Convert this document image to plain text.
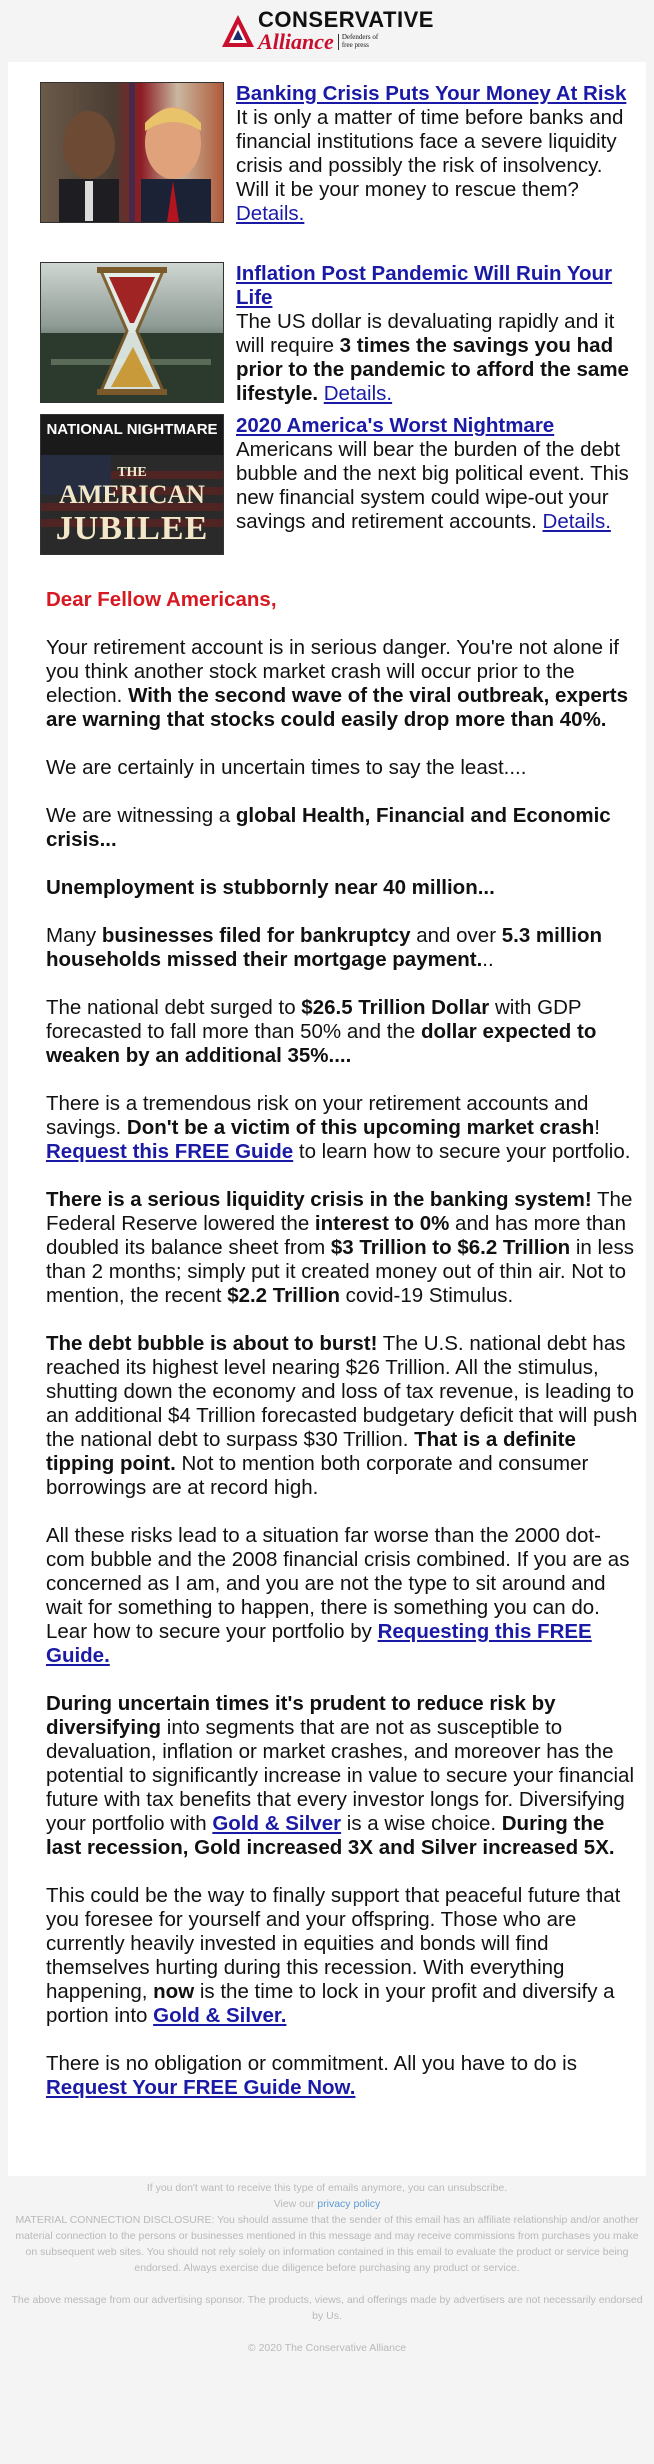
CONSERVATIVE
Alliance	Defenders of free press
Banking Crisis Puts Your Money At Risk
It is only a matter of time before banks and financial institutions face a severe liquidity crisis and possibly the risk of insolvency. Will it be your money to rescue them? Details.
Inflation Post Pandemic Will Ruin Your Life
The US dollar is devaluating rapidly and it will require 3 times the savings you had prior to the pandemic to afford the same lifestyle. Details.
NATIONAL NIGHTMARE
THE
AMERICAN
JUBILEE
2020 America's Worst Nightmare
Americans will bear the burden of the debt bubble and the next big political event. This new financial system could wipe-out your savings and retirement accounts. Details.

Dear Fellow Americans,

Your retirement account is in serious danger. You're not alone if you think another stock market crash will occur prior to the election. With the second wave of the viral outbreak, experts are warning that stocks could easily drop more than 40%.

We are certainly in uncertain times to say the least....

We are witnessing a global Health, Financial and Economic crisis...

Unemployment is stubbornly near 40 million...

Many businesses filed for bankruptcy and over 5.3 million households missed their mortgage payment...

The national debt surged to $26.5 Trillion Dollar with GDP forecasted to fall more than 50% and the dollar expected to weaken by an additional 35%....

There is a tremendous risk on your retirement accounts and savings. Don't be a victim of this upcoming market crash! Request this FREE Guide to learn how to secure your portfolio.

There is a serious liquidity crisis in the banking system! The Federal Reserve lowered the interest to 0% and has more than doubled its balance sheet from $3 Trillion to $6.2 Trillion in less than 2 months; simply put it created money out of thin air. Not to mention, the recent $2.2 Trillion covid-19 Stimulus.

The debt bubble is about to burst! The U.S. national debt has reached its highest level nearing $26 Trillion. All the stimulus, shutting down the economy and loss of tax revenue, is leading to an additional $4 Trillion forecasted budgetary deficit that will push the national debt to surpass $30 Trillion. That is a definite tipping point. Not to mention both corporate and consumer borrowings are at record high.

All these risks lead to a situation far worse than the 2000 dot-com bubble and the 2008 financial crisis combined. If you are as concerned as I am, and you are not the type to sit around and wait for something to happen, there is something you can do. Lear how to secure your portfolio by Requesting this FREE Guide.

During uncertain times it's prudent to reduce risk by diversifying into segments that are not as susceptible to devaluation, inflation or market crashes, and moreover has the potential to significantly increase in value to secure your financial future with tax benefits that every investor longs for. Diversifying your portfolio with Gold & Silver is a wise choice. During the last recession, Gold increased 3X and Silver increased 5X.

This could be the way to finally support that peaceful future that you foresee for yourself and your offspring. Those who are currently heavily invested in equities and bonds will find themselves hurting during this recession. With everything happening, now is the time to lock in your profit and diversify a portion into Gold & Silver.

There is no obligation or commitment. All you have to do is Request Your FREE Guide Now.

If you don't want to receive this type of emails anymore, you can unsubscribe.

View our privacy policy

MATERIAL CONNECTION DISCLOSURE: You should assume that the sender of this email has an affiliate relationship and/or another material connection to the persons or businesses mentioned in this message and may receive commissions from purchases you make on subsequent web sites. You should not rely solely on information contained in this email to evaluate the product or service being endorsed. Always exercise due diligence before purchasing any product or service.

The above message from our advertising sponsor. The products, views, and offerings made by advertisers are not necessarily endorsed by Us.

© 2020 The Conservative Alliance
